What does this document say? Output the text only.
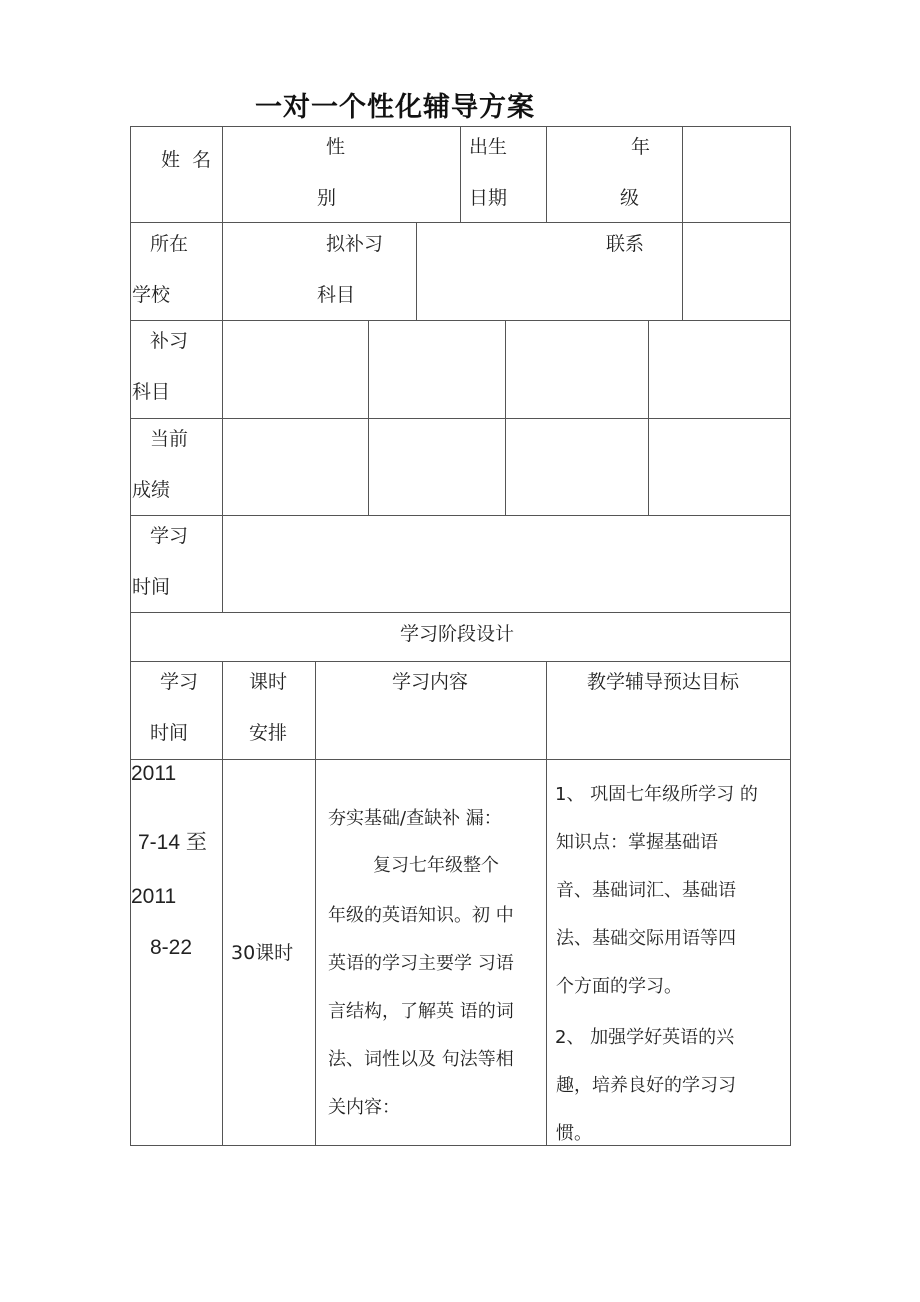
一对一个性化辅导方案
姓  名
性
别
出生
日期
年
级
所在
学校
拟补习
科目
联系
补习
科目
当前
成绩
学习
时间
学习阶段设计
学习
时间
课时
安排
学习内容	教学辅导预达目标
2011
7-14 至
2011
8-22 30课时
夯实基础/查缺补 漏：
复习七年级整个
年级的英语知识。初 中
英语的学习主要学 习语
言结构，了解英 语的词
法、词性以及 句法等相
关内容：
1、 巩固七年级所学习 的
知识点：掌握基础语
音、基础词汇、基础语
法、基础交际用语等四
个方面的学习。
2、 加强学好英语的兴
趣，培养良好的学习习
惯。
